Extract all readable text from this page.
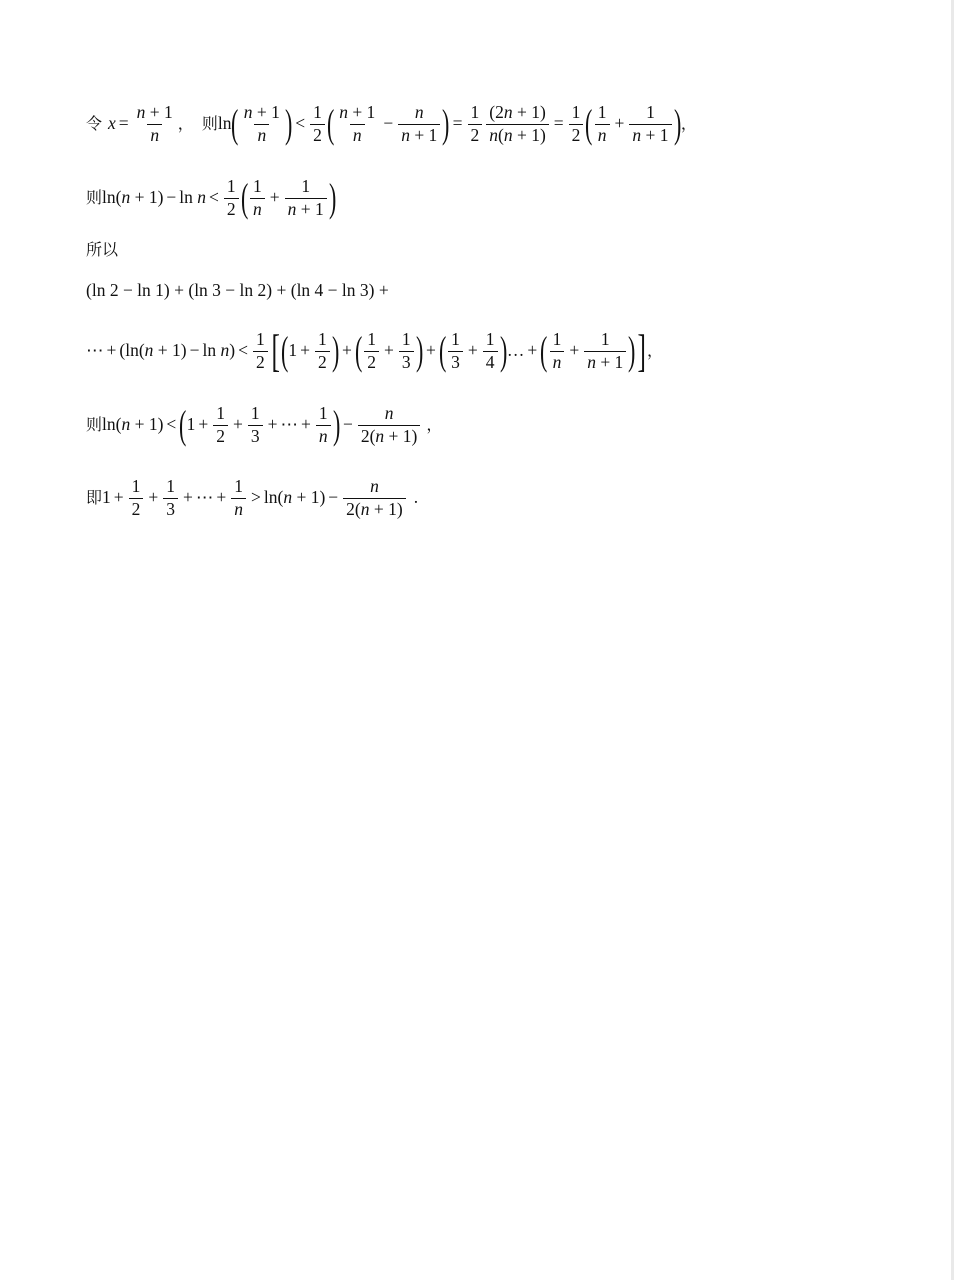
令 $x = \frac{n + 1}{n}$ ， 则 ln ( $\frac{n + 1}{n}$ ) < $\frac{1}{2}$ ( $\frac{n + 1}{n} - \frac{n}{n + 1}$ ) = $\frac{1}{2} \frac{(2n + 1)}{n(n + 1)} = \frac{1}{2}$ ( $\frac{1}{n} + \frac{1}{n + 1}$ ) ，
则 $\ln(n + 1) - \ln n < \frac{1}{2}$ ( $\frac{1}{n} + \frac{1}{n + 1}$ )
所以
(ln 2 − ln 1) + (ln 3 − ln 2) + (ln 4 − ln 3) +
⋯ + $(\ln(n + 1) - \ln n) < \frac{1}{2}$ [ ( $1 + \frac{1}{2}$ ) + ( $\frac{1}{2} + \frac{1}{3}$ ) + ( $\frac{1}{3} + \frac{1}{4}$ ) … + ( $\frac{1}{n} + \frac{1}{n + 1}$ ) ] ，
则 ln(n + 1) < ( $1 + \frac{1}{2} + \frac{1}{3}$ + ⋯ + $\frac{1}{n}$ ) − $\frac{n}{2(n + 1)}$ ，
即 $1 + \frac{1}{2} + \frac{1}{3}$ + ⋯ + $\frac{1}{n} > \ln(n + 1) - \frac{n}{2(n + 1)}$ .
